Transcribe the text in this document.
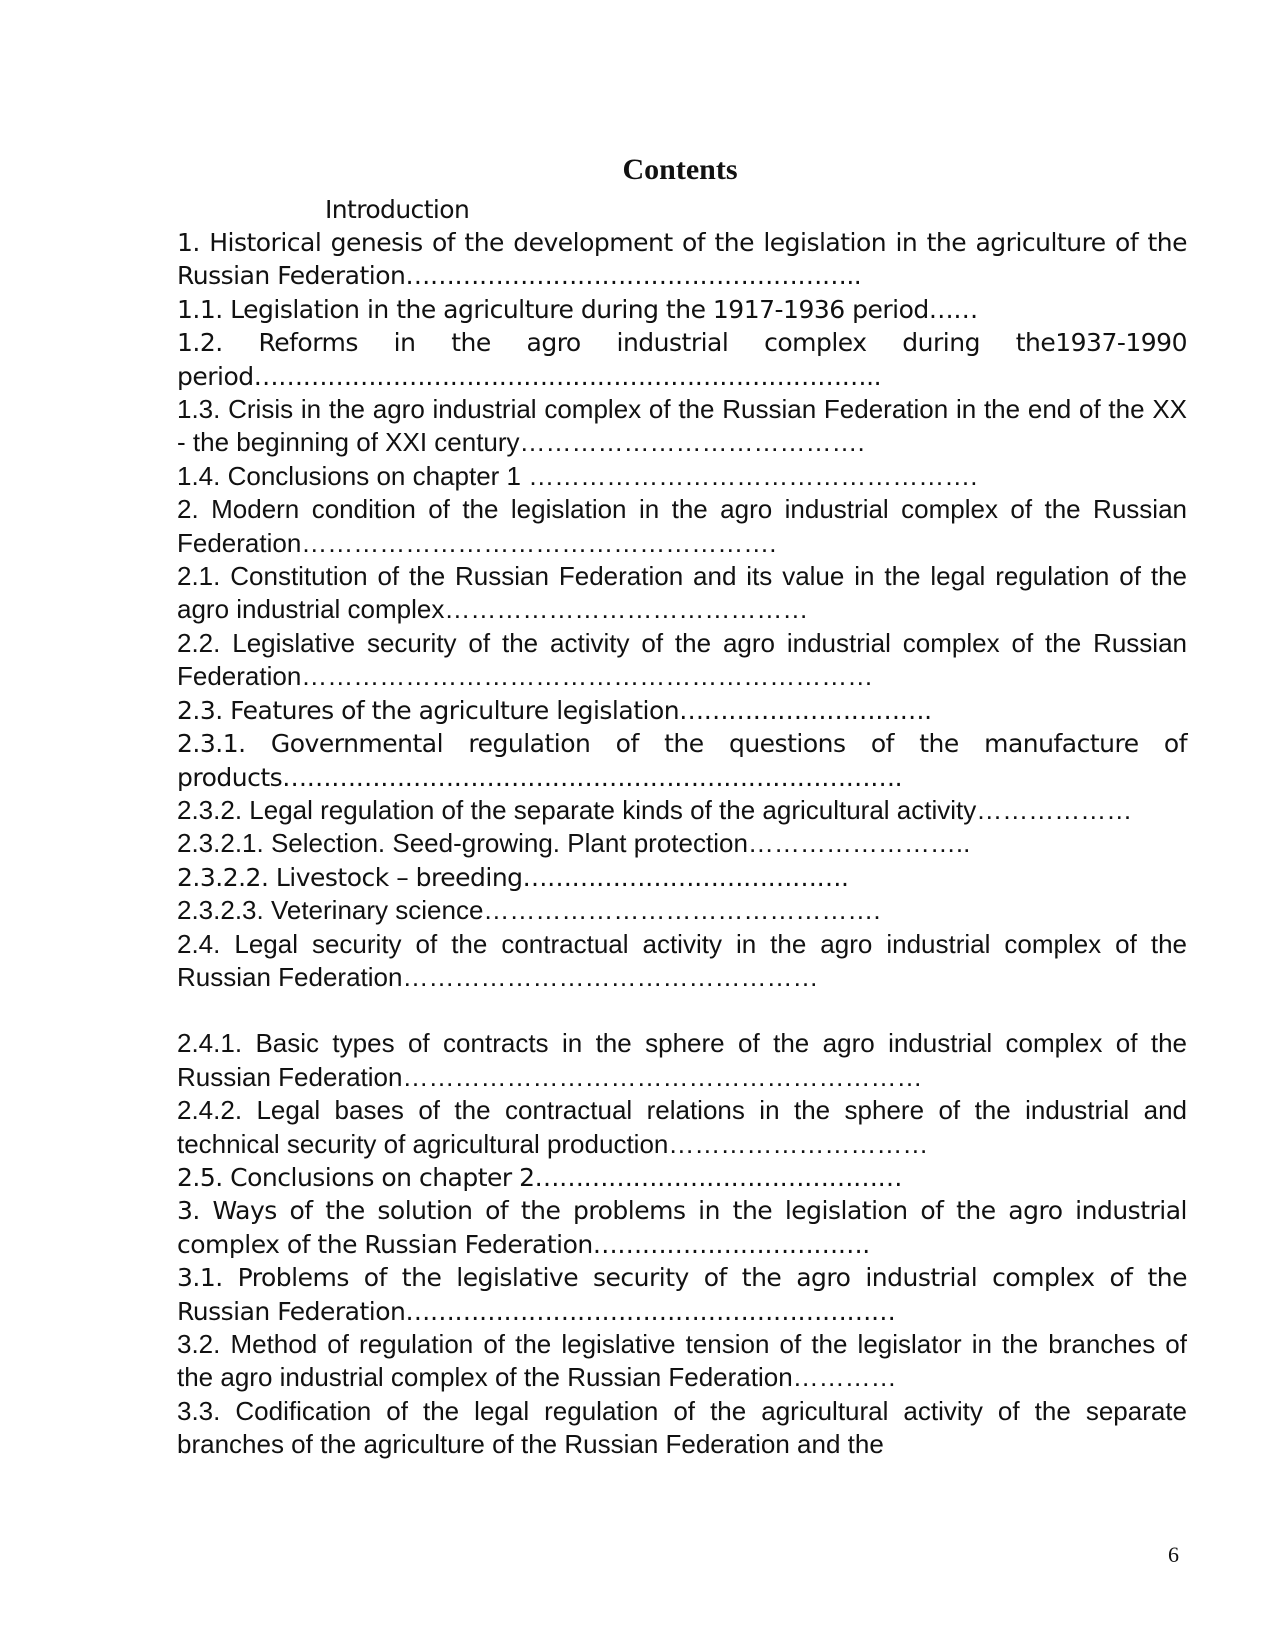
Contents

Introduction

1. Historical genesis of the development of the legislation in the agriculture of the Russian Federation………………………………………………..

1.1. Legislation in the agriculture during the 1917-1936 period……

1.2. Reforms in the agro industrial complex during the1937-1990 period…………………………………………………………………..

1.3. Crisis in the agro industrial complex of the Russian Federation in the end of the XX - the beginning of XXI century………………………………….

1.4. Conclusions on chapter 1 …………………………………………….

2. Modern condition of the legislation in the agro industrial complex of the Russian Federation……………………………………………….

2.1. Constitution of the Russian Federation and its value in the legal regulation of the agro industrial complex……………………………………

2.2. Legislative security of the activity of the agro industrial complex of the Russian Federation…………………………………………………………

2.3. Features of the agriculture legislation………………………….

2.3.1. Governmental regulation of the questions of the manufacture of products………………………………………………………………….

2.3.2. Legal regulation of the separate kinds of the agricultural activity………………

2.3.2.1. Selection. Seed-growing. Plant protection……………………..

2.3.2.2. Livestock – breeding………………………………….

2.3.2.3. Veterinary science……………………………………….

2.4. Legal security of the contractual activity in the agro industrial complex of the Russian Federation…………………………………………

2.4.1. Basic types of contracts in the sphere of the agro industrial complex of the Russian Federation……………………………………………………

2.4.2. Legal bases of the contractual relations in the sphere of the industrial and technical security of agricultural production…………………………

2.5. Conclusions on chapter 2………………………………………

3. Ways of the solution of the problems in the legislation of the agro industrial complex of the Russian Federation…………………………….

3.1. Problems of the legislative security of the agro industrial complex of the Russian Federation……………………………………………………

3.2. Method of regulation of the legislative tension of the legislator in the branches of the agro industrial complex of the Russian Federation…………

3.3. Codification of the legal regulation of the agricultural activity of the separate branches of the agriculture of the Russian Federation and the

6
